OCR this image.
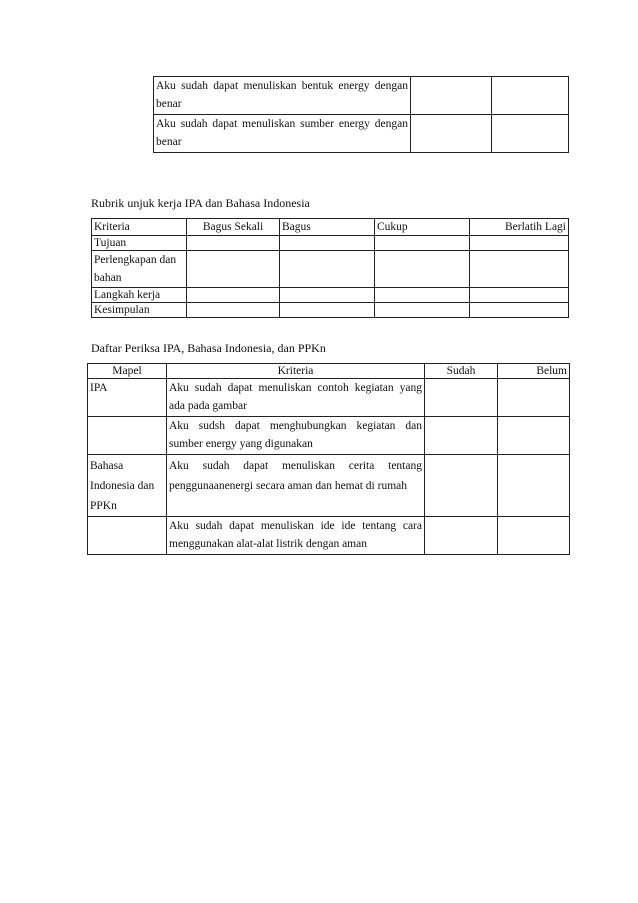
Aku sudah dapat menuliskan bentuk energy dengan benar		
Aku sudah dapat menuliskan sumber energy dengan benar		
Rubrik unjuk kerja IPA dan Bahasa Indonesia
Kriteria	Bagus Sekali	Bagus	Cukup	Berlatih Lagi
Tujuan				
Perlengkapan dan bahan				
Langkah kerja				
Kesimpulan				
Daftar Periksa IPA, Bahasa Indonesia, dan PPKn
Mapel	Kriteria	Sudah	Belum
IPA	Aku sudah dapat menuliskan contoh kegiatan yang ada pada gambar		
	Aku sudsh dapat menghubungkan kegiatan dan sumber energy yang digunakan		
Bahasa Indonesia dan PPKn	Aku sudah dapat menuliskan cerita tentang penggunaanenergi secara aman dan hemat di rumah		
	Aku sudah dapat menuliskan ide ide tentang cara menggunakan alat-alat listrik dengan aman		
